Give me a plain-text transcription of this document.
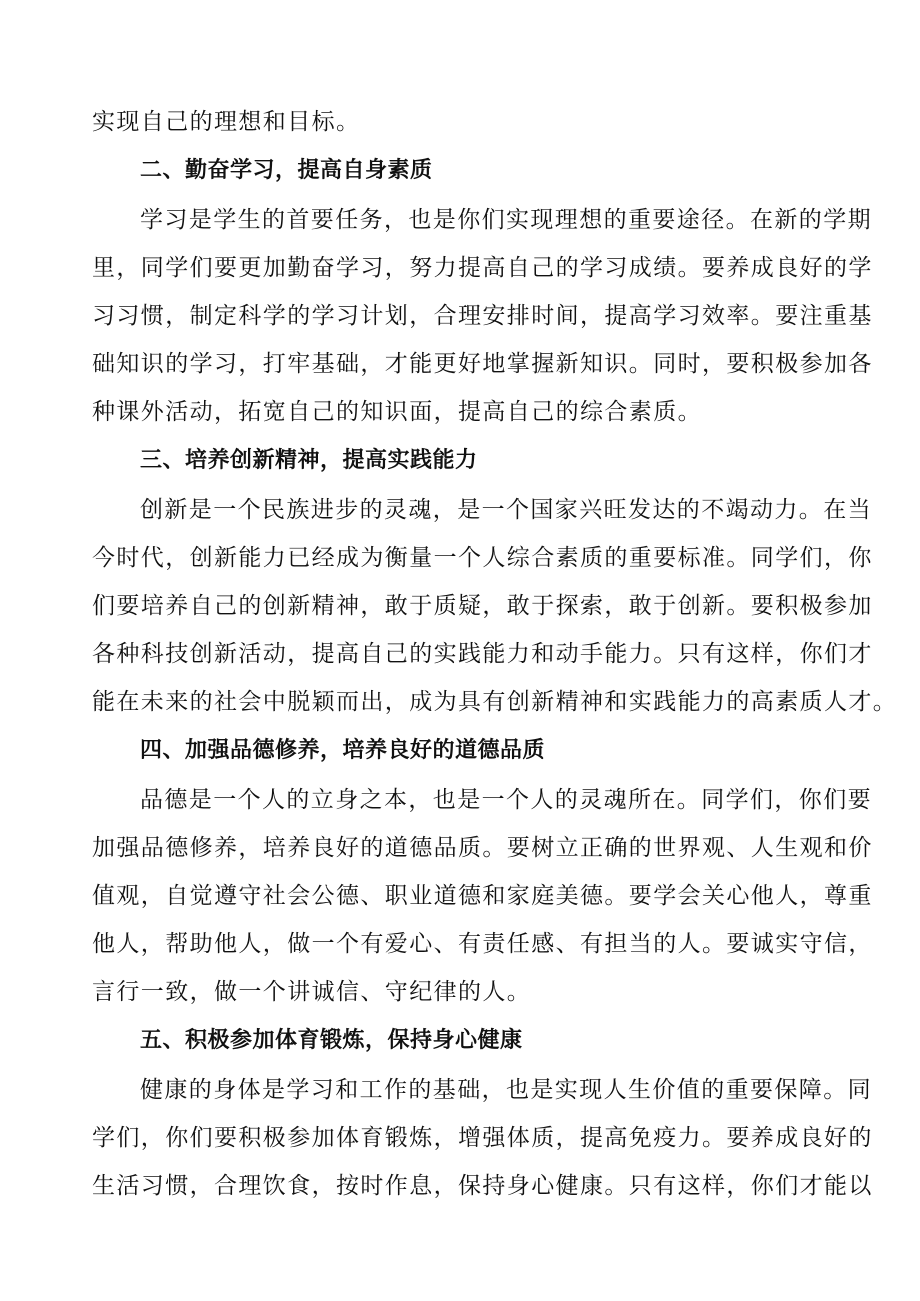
实现自己的理想和目标。
二、勤奋学习，提高自身素质
学习是学生的首要任务，也是你们实现理想的重要途径。在新的学期
里，同学们要更加勤奋学习，努力提高自己的学习成绩。要养成良好的学
习习惯，制定科学的学习计划，合理安排时间，提高学习效率。要注重基
础知识的学习，打牢基础，才能更好地掌握新知识。同时，要积极参加各
种课外活动，拓宽自己的知识面，提高自己的综合素质。
三、培养创新精神，提高实践能力
创新是一个民族进步的灵魂，是一个国家兴旺发达的不竭动力。在当
今时代，创新能力已经成为衡量一个人综合素质的重要标准。同学们，你
们要培养自己的创新精神，敢于质疑，敢于探索，敢于创新。要积极参加
各种科技创新活动，提高自己的实践能力和动手能力。只有这样，你们才
能在未来的社会中脱颖而出，成为具有创新精神和实践能力的高素质人才。
四、加强品德修养，培养良好的道德品质
品德是一个人的立身之本，也是一个人的灵魂所在。同学们，你们要
加强品德修养，培养良好的道德品质。要树立正确的世界观、人生观和价
值观，自觉遵守社会公德、职业道德和家庭美德。要学会关心他人，尊重
他人，帮助他人，做一个有爱心、有责任感、有担当的人。要诚实守信，
言行一致，做一个讲诚信、守纪律的人。
五、积极参加体育锻炼，保持身心健康
健康的身体是学习和工作的基础，也是实现人生价值的重要保障。同
学们，你们要积极参加体育锻炼，增强体质，提高免疫力。要养成良好的
生活习惯，合理饮食，按时作息，保持身心健康。只有这样，你们才能以
